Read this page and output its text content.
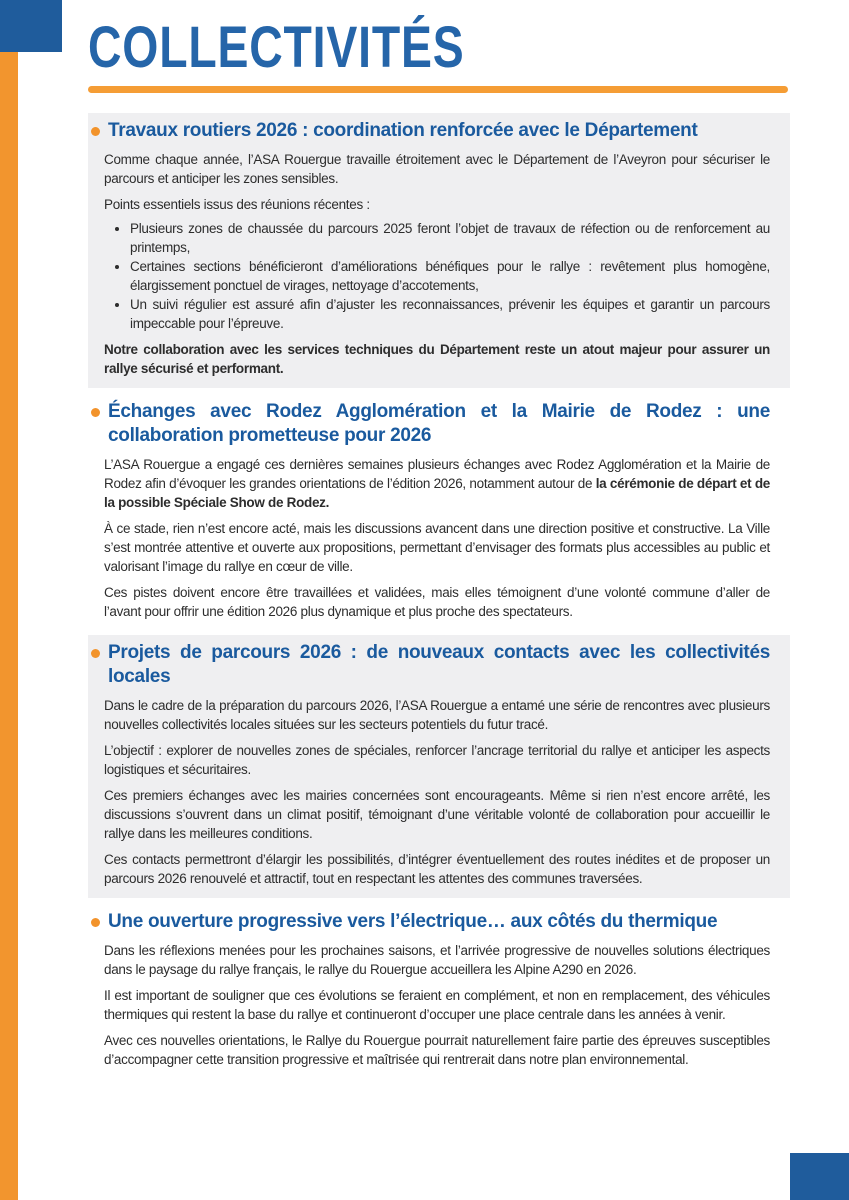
COLLECTIVITÉS
Travaux routiers 2026 : coordination renforcée avec le Département

Comme chaque année, l’ASA Rouergue travaille étroitement avec le Département de l’Aveyron pour sécuriser le parcours et anticiper les zones sensibles.

Points essentiels issus des réunions récentes :

• Plusieurs zones de chaussée du parcours 2025 feront l’objet de travaux de réfection ou de renforcement au printemps,
• Certaines sections bénéficieront d’améliorations bénéfiques pour le rallye : revêtement plus homogène, élargissement ponctuel de virages, nettoyage d’accotements,
• Un suivi régulier est assuré afin d’ajuster les reconnaissances, prévenir les équipes et garantir un parcours impeccable pour l’épreuve.

Notre collaboration avec les services techniques du Département reste un atout majeur pour assurer un rallye sécurisé et performant.

Échanges avec Rodez Agglomération et la Mairie de Rodez : une collaboration prometteuse pour 2026

L’ASA Rouergue a engagé ces dernières semaines plusieurs échanges avec Rodez Agglomération et la Mairie de Rodez afin d’évoquer les grandes orientations de l’édition 2026, notamment autour de la cérémonie de départ et de la possible Spéciale Show de Rodez.

À ce stade, rien n’est encore acté, mais les discussions avancent dans une direction positive et constructive. La Ville s’est montrée attentive et ouverte aux propositions, permettant d’envisager des formats plus accessibles au public et valorisant l’image du rallye en cœur de ville.

Ces pistes doivent encore être travaillées et validées, mais elles témoignent d’une volonté commune d’aller de l’avant pour offrir une édition 2026 plus dynamique et plus proche des spectateurs.

Projets de parcours 2026 : de nouveaux contacts avec les collectivités locales

Dans le cadre de la préparation du parcours 2026, l’ASA Rouergue a entamé une série de rencontres avec plusieurs nouvelles collectivités locales situées sur les secteurs potentiels du futur tracé.

L’objectif : explorer de nouvelles zones de spéciales, renforcer l’ancrage territorial du rallye et anticiper les aspects logistiques et sécuritaires.

Ces premiers échanges avec les mairies concernées sont encourageants. Même si rien n’est encore arrêté, les discussions s’ouvrent dans un climat positif, témoignant d’une véritable volonté de collaboration pour accueillir le rallye dans les meilleures conditions.

Ces contacts permettront d’élargir les possibilités, d’intégrer éventuellement des routes inédites et de proposer un parcours 2026 renouvelé et attractif, tout en respectant les attentes des communes traversées.

Une ouverture progressive vers l’électrique… aux côtés du thermique

Dans les réflexions menées pour les prochaines saisons, et l’arrivée progressive de nouvelles solutions électriques dans le paysage du rallye français, le rallye du Rouergue accueillera les Alpine A290 en 2026.

Il est important de souligner que ces évolutions se feraient en complément, et non en remplacement, des véhicules thermiques qui restent la base du rallye et continueront d’occuper une place centrale dans les années à venir.

Avec ces nouvelles orientations, le Rallye du Rouergue pourrait naturellement faire partie des épreuves susceptibles d’accompagner cette transition progressive et maîtrisée qui rentrerait dans notre plan environnemental.
